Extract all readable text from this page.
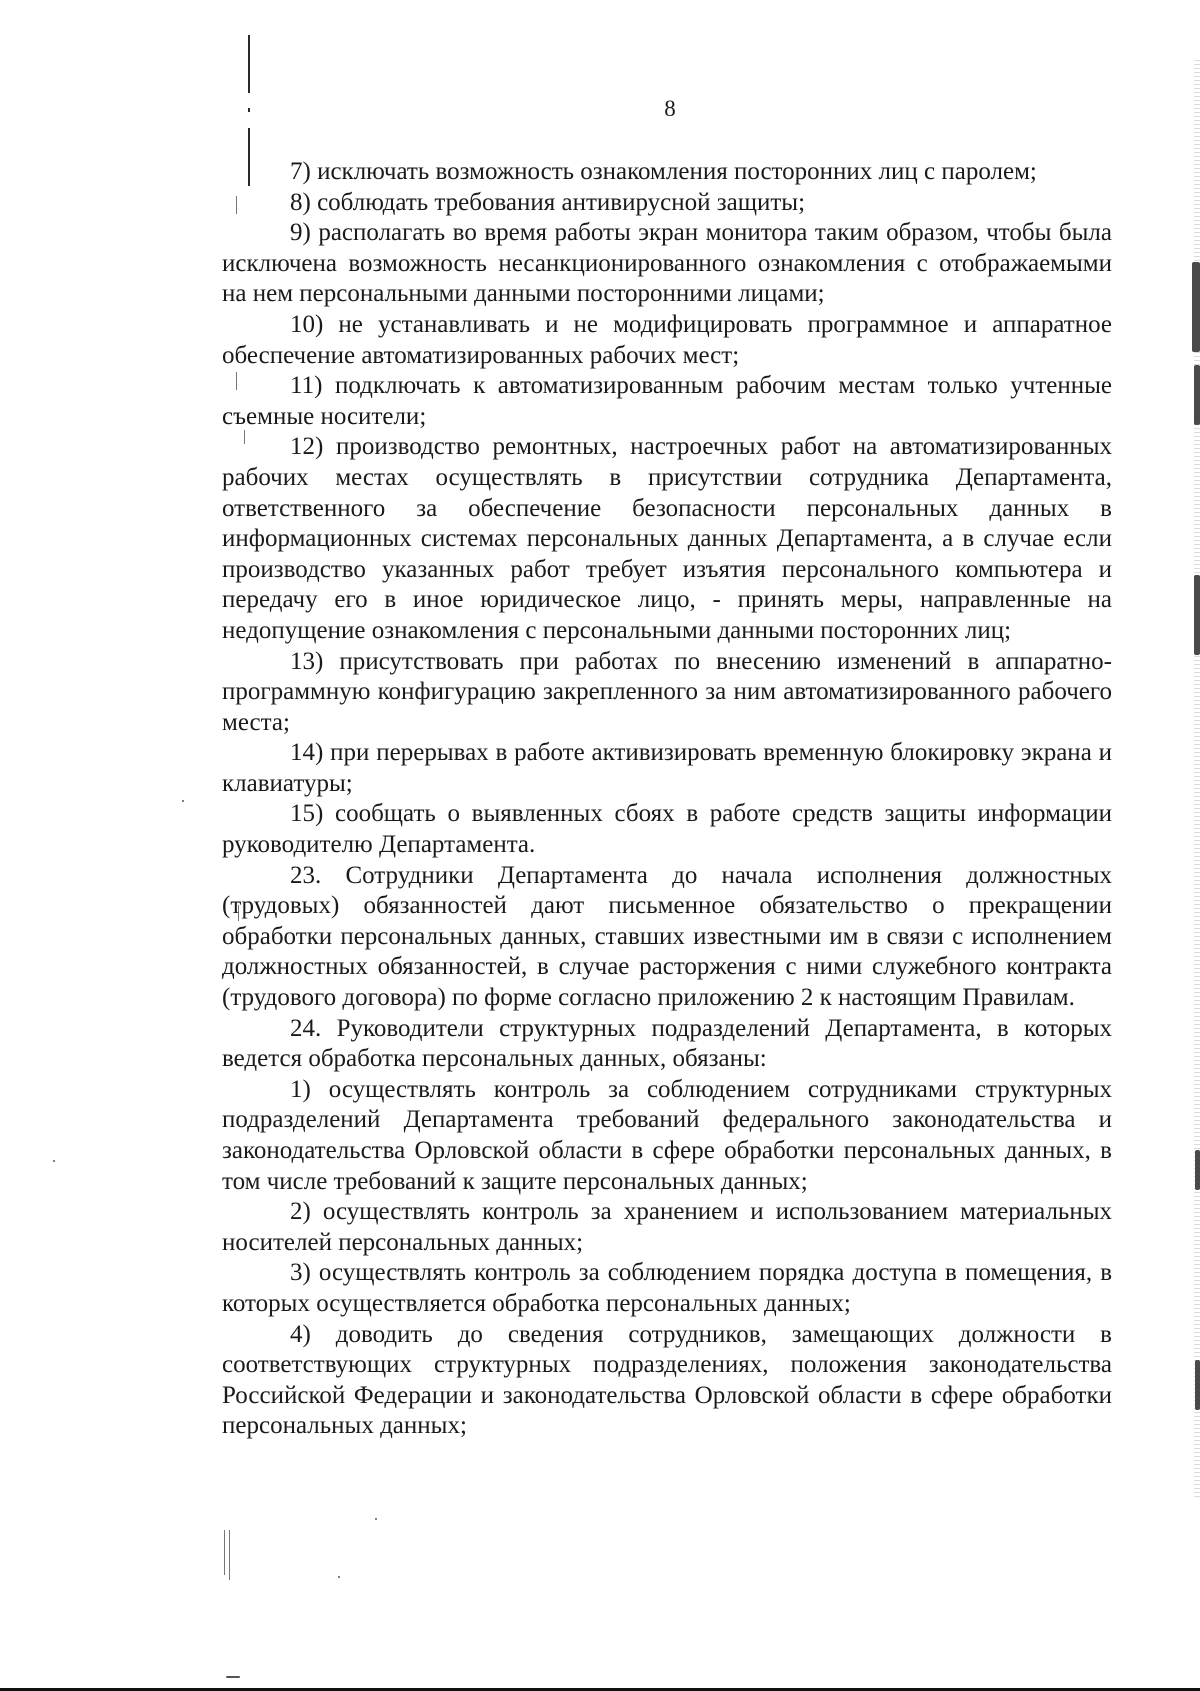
8

7) исключать возможность ознакомления посторонних лиц с паролем;

8) соблюдать требования антивирусной защиты;

9) располагать во время работы экран монитора таким образом, чтобы была исключена возможность несанкционированного ознакомления с отображаемыми на нем персональными данными посторонними лицами;

10) не устанавливать и не модифицировать программное и аппаратное обеспечение автоматизированных рабочих мест;

11) подключать к автоматизированным рабочим местам только учтенные съемные носители;

12) производство ремонтных, настроечных работ на автоматизированных рабочих местах осуществлять в присутствии сотрудника Департамента, ответственного за обеспечение безопасности персональных данных в информационных системах персональных данных Департамента, а в случае если производство указанных работ требует изъятия персонального компьютера и передачу его в иное юридическое лицо, - принять меры, направленные на недопущение ознакомления с персональными данными посторонних лиц;

13) присутствовать при работах по внесению изменений в аппаратно-программную конфигурацию закрепленного за ним автоматизированного рабочего места;

14) при перерывах в работе активизировать временную блокировку экрана и клавиатуры;

15) сообщать о выявленных сбоях в работе средств защиты информации руководителю Департамента.

23. Сотрудники Департамента до начала исполнения должностных (трудовых) обязанностей дают письменное обязательство о прекращении обработки персональных данных, ставших известными им в связи с исполнением должностных обязанностей, в случае расторжения с ними служебного контракта (трудового договора) по форме согласно приложению 2 к настоящим Правилам.

24. Руководители структурных подразделений Департамента, в которых ведется обработка персональных данных, обязаны:

1) осуществлять контроль за соблюдением сотрудниками структурных подразделений Департамента требований федерального законодательства и законодательства Орловской области в сфере обработки персональных данных, в том числе требований к защите персональных данных;

2) осуществлять контроль за хранением и использованием материальных носителей персональных данных;

3) осуществлять контроль за соблюдением порядка доступа в помещения, в которых осуществляется обработка персональных данных;

4) доводить до сведения сотрудников, замещающих должности в соответствующих структурных подразделениях, положения законодательства Российской Федерации и законодательства Орловской области в сфере обработки персональных данных;
